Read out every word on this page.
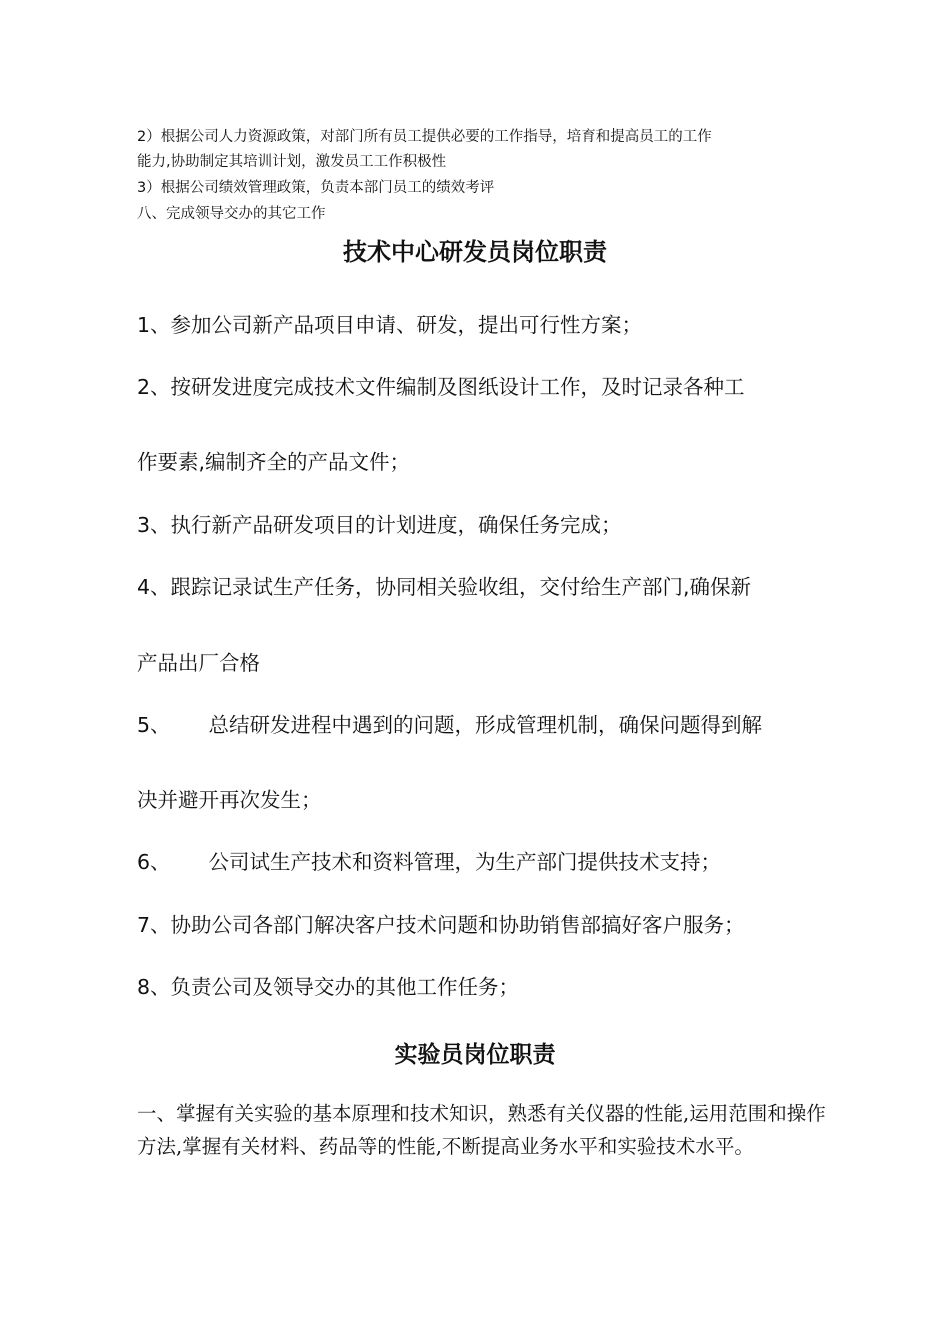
2）根据公司人力资源政策，对部门所有员工提供必要的工作指导，培育和提高员工的工作
能力,协助制定其培训计划，激发员工工作积极性
3）根据公司绩效管理政策，负责本部门员工的绩效考评
八、完成领导交办的其它工作
技术中心研发员岗位职责
1、参加公司新产品项目申请、研发，提出可行性方案；
2、按研发进度完成技术文件编制及图纸设计工作，及时记录各种工
作要素,编制齐全的产品文件；
3、执行新产品研发项目的计划进度，确保任务完成；
4、跟踪记录试生产任务，协同相关验收组，交付给生产部门,确保新
产品出厂合格
5、 总结研发进程中遇到的问题，形成管理机制，确保问题得到解
决并避开再次发生；
6、 公司试生产技术和资料管理，为生产部门提供技术支持；
7、协助公司各部门解决客户技术问题和协助销售部搞好客户服务；
8、负责公司及领导交办的其他工作任务；
实验员岗位职责
一、掌握有关实验的基本原理和技术知识，熟悉有关仪器的性能,运用范围和操作方法,掌握有关材料、药品等的性能,不断提高业务水平和实验技术水平。
